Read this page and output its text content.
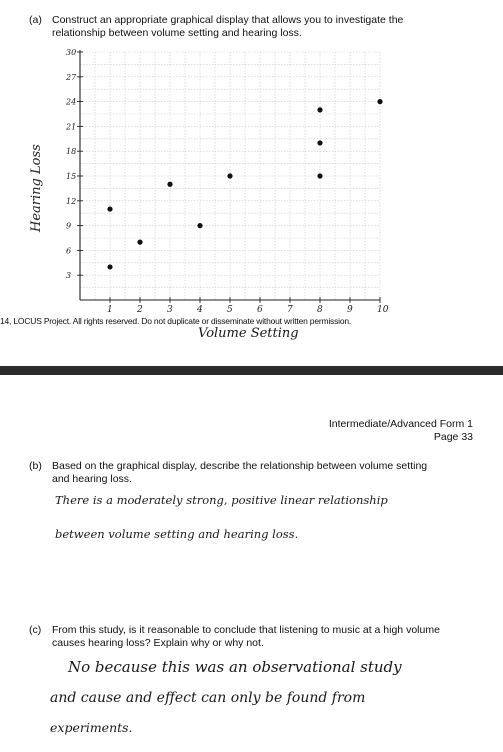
(a) Construct an appropriate graphical display that allows you to investigate the relationship between volume setting and hearing loss.
1	2	3	4	5	6	7	8	9	10
3
6
9
12
15
18
21
24
27
30
Hearing Loss
14, LOCUS Project. All rights reserved. Do not duplicate or disseminate without written permission.
Volume Setting
Intermediate/Advanced Form 1
Page 33
(b) Based on the graphical display, describe the relationship between volume setting and hearing loss.
There is a moderately strong, positive linear relationship
between volume setting and hearing loss.
(c) From this study, is it reasonable to conclude that listening to music at a high volume causes hearing loss? Explain why or why not.
No because this was an observational study
and cause and effect can only be found from
experiments.
